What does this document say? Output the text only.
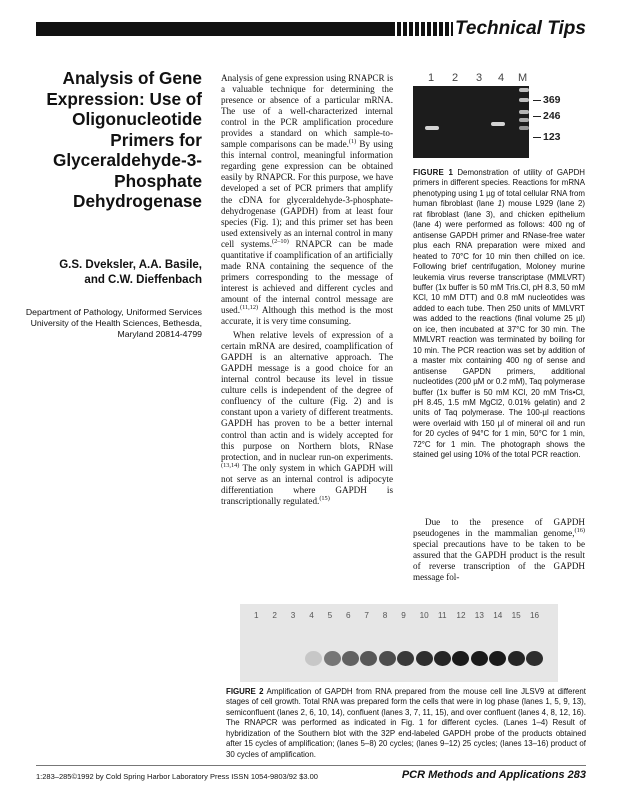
Technical Tips
Analysis of Gene Expression: Use of Oligonucleotide Primers for Glyceraldehyde-3-Phosphate Dehydrogenase
G.S. Dveksler, A.A. Basile,
and C.W. Dieffenbach
Department of Pathology, Uniformed Services University of the Health Sciences, Bethesda, Maryland 20814-4799

Analysis of gene expression using RNAPCR is a valuable technique for determining the presence or absence of a particular mRNA. The use of a well-characterized internal control in the PCR amplification procedure provides a standard on which sample-to-sample comparisons can be made.$^{(1)}$ By using this internal control, meaningful information regarding gene expression can be obtained easily by RNAPCR. For this purpose, we have developed a set of PCR primers that amplify the cDNA for glyceraldehyde-3-phosphate-dehydrogenase (GAPDH) from at least four species (Fig. 1); and this primer set has been used extensively as an internal control in many cell systems.$^{(2-10)}$ RNAPCR can be made quantitative if coamplification of an artificially made RNA containing the sequence of the primers corresponding to the message of interest is achieved and different cycles and amount of the internal control message are used.$^{(11,12)}$ Although this method is the most accurate, it is very time consuming.

When relative levels of expression of a certain mRNA are desired, coamplification of GAPDH is an alternative approach. The GAPDH message is a good choice for an internal control because its level in tissue culture cells is independent of the degree of confluency of the culture (Fig. 2) and is constant upon a variety of different treatments. GAPDH has proven to be a better internal control than actin and is widely accepted for this purpose on Northern blots, RNase protection, and in nuclear run-on experiments.$^{(13,14)}$ The only system in which GAPDH will not serve as an internal control is adipocyte differentiation where GAPDH is transcriptionally regulated.$^{(15)}$

1 2 3 4 M
369
246
123
FIGURE 1 Demonstration of utility of GAPDH primers in different species. Reactions for mRNA phenotyping using 1 µg of total cellular RNA from human fibroblast (lane 1) mouse L929 (lane 2) rat fibroblast (lane 3), and chicken epithelium (lane 4) were performed as follows: 400 ng of antisense GAPDH primer and RNase-free water plus each RNA preparation were mixed and heated to 70°C for 10 min then chilled on ice. Following brief centrifugation, Moloney murine leukemia virus reverse transcriptase (MMLVRT) buffer (1x buffer is 50 mM Tris.Cl, pH 8.3, 50 mM KCl, 10 mM DTT) and 0.8 mM nucleotides was added to each tube. Then 250 units of MMLVRT was added to the reactions (final volume 25 µl) on ice, then incubated at 37°C for 30 min. The MMLVRT reaction was terminated by boiling for 10 min. The PCR reaction was set by addition of a master mix containing 400 ng of sense and antisense GAPDN primers, additional nucleotides (200 µM or 0.2 mM), Taq polymerase buffer (1x buffer is 50 mM KCl, 20 mM Tris•Cl, pH 8.45, 1.5 mM MgCl2, 0.01% gelatin) and 2 units of Taq polymerase. The 100-µl reactions were overlaid with 150 µl of mineral oil and run for 20 cycles of 94°C for 1 min, 50°C for 1 min, 72°C for 1 min. The photograph shows the stained gel using 10% of the total PCR reaction.
Due to the presence of GAPDH pseudogenes in the mammalian genome,$^{(16)}$ special precautions have to be taken to be assured that the GAPDH product is the result of reverse transcription of the GAPDH message fol-
1 2 3 4 5 6 7 8 9 10 11 12 13 14 15 16
FIGURE 2 Amplification of GAPDH from RNA prepared from the mouse cell line JLSV9 at different stages of cell growth. Total RNA was prepared form the cells that were in log phase (lanes 1, 5, 9, 13), semiconfluent (lanes 2, 6, 10, 14), confluent (lanes 3, 7, 11, 15), and over confluent (lanes 4, 8, 12, 16). The RNAPCR was performed as indicated in Fig. 1 for different cycles. (Lanes 1–4) Result of hybridization of the Southern blot with the 32P end-labeled GAPDH probe of the products obtained after 15 cycles of amplification; (lanes 5–8) 20 cycles; (lanes 9–12) 25 cycles; (lanes 13–16) product of 30 cycles of amplification.
1:283–285©1992 by Cold Spring Harbor Laboratory Press ISSN 1054-9803/92 $3.00	PCR Methods and Applications 283
